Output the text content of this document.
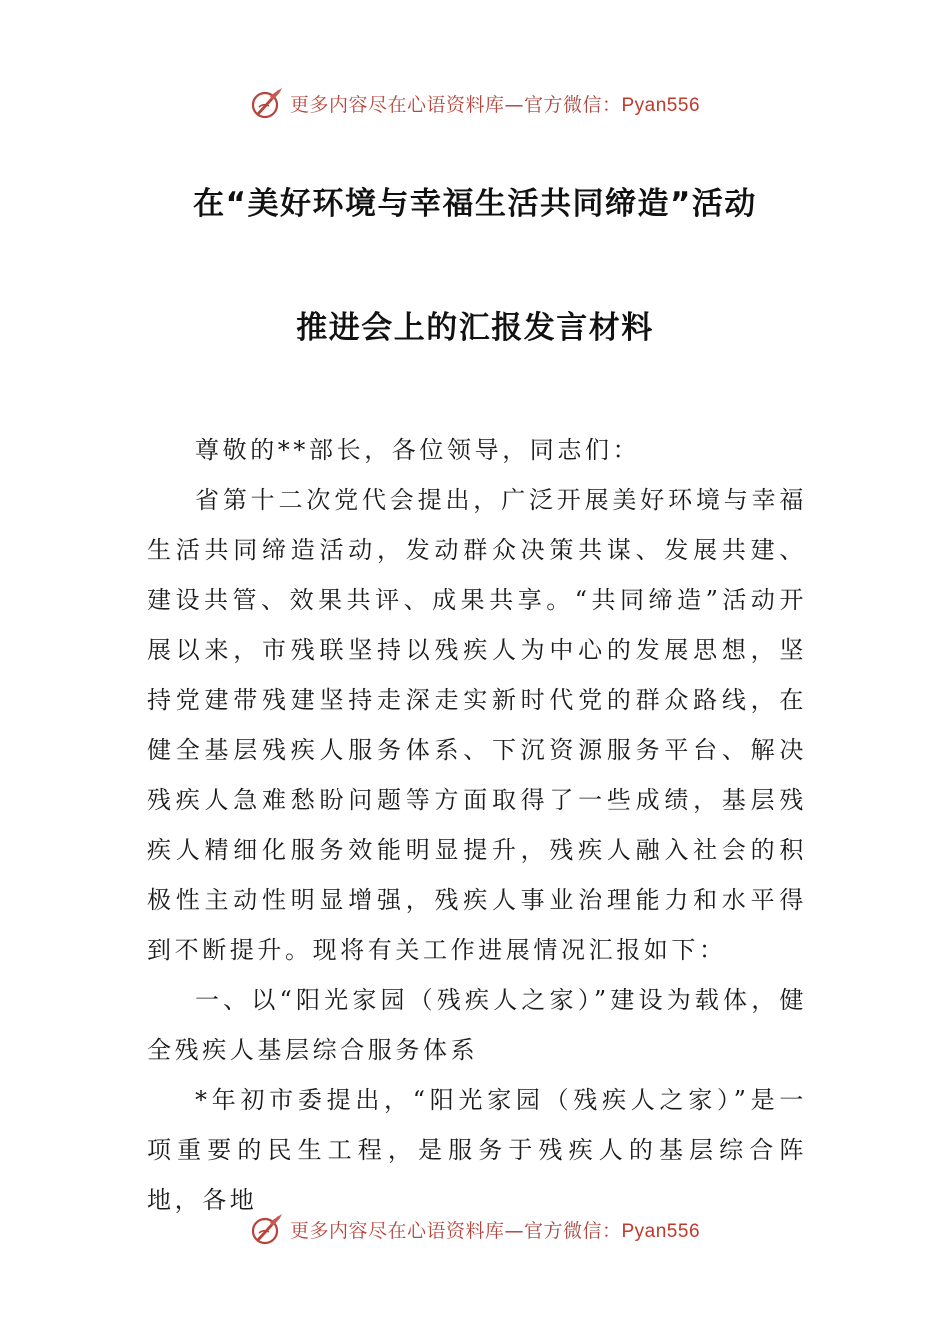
更多内容尽在心语资料库—官方微信：Pyan556
在“美好环境与幸福生活共同缔造”活动
推进会上的汇报发言材料

尊敬的**部长，各位领导，同志们：

省第十二次党代会提出，广泛开展美好环境与幸福生活共同缔造活动，发动群众决策共谋、发展共建、建设共管、效果共评、成果共享。“共同缔造”活动开展以来，市残联坚持以残疾人为中心的发展思想，坚持党建带残建坚持走深走实新时代党的群众路线，在健全基层残疾人服务体系、下沉资源服务平台、解决残疾人急难愁盼问题等方面取得了一些成绩，基层残疾人精细化服务效能明显提升，残疾人融入社会的积极性主动性明显增强，残疾人事业治理能力和水平得到不断提升。现将有关工作进展情况汇报如下：

一、以“阳光家园（残疾人之家）”建设为载体，健全残疾人基层综合服务体系

*年初市委提出，“阳光家园（残疾人之家）”是一项重要的民生工程，是服务于残疾人的基层综合阵地，各地

更多内容尽在心语资料库—官方微信：Pyan556
